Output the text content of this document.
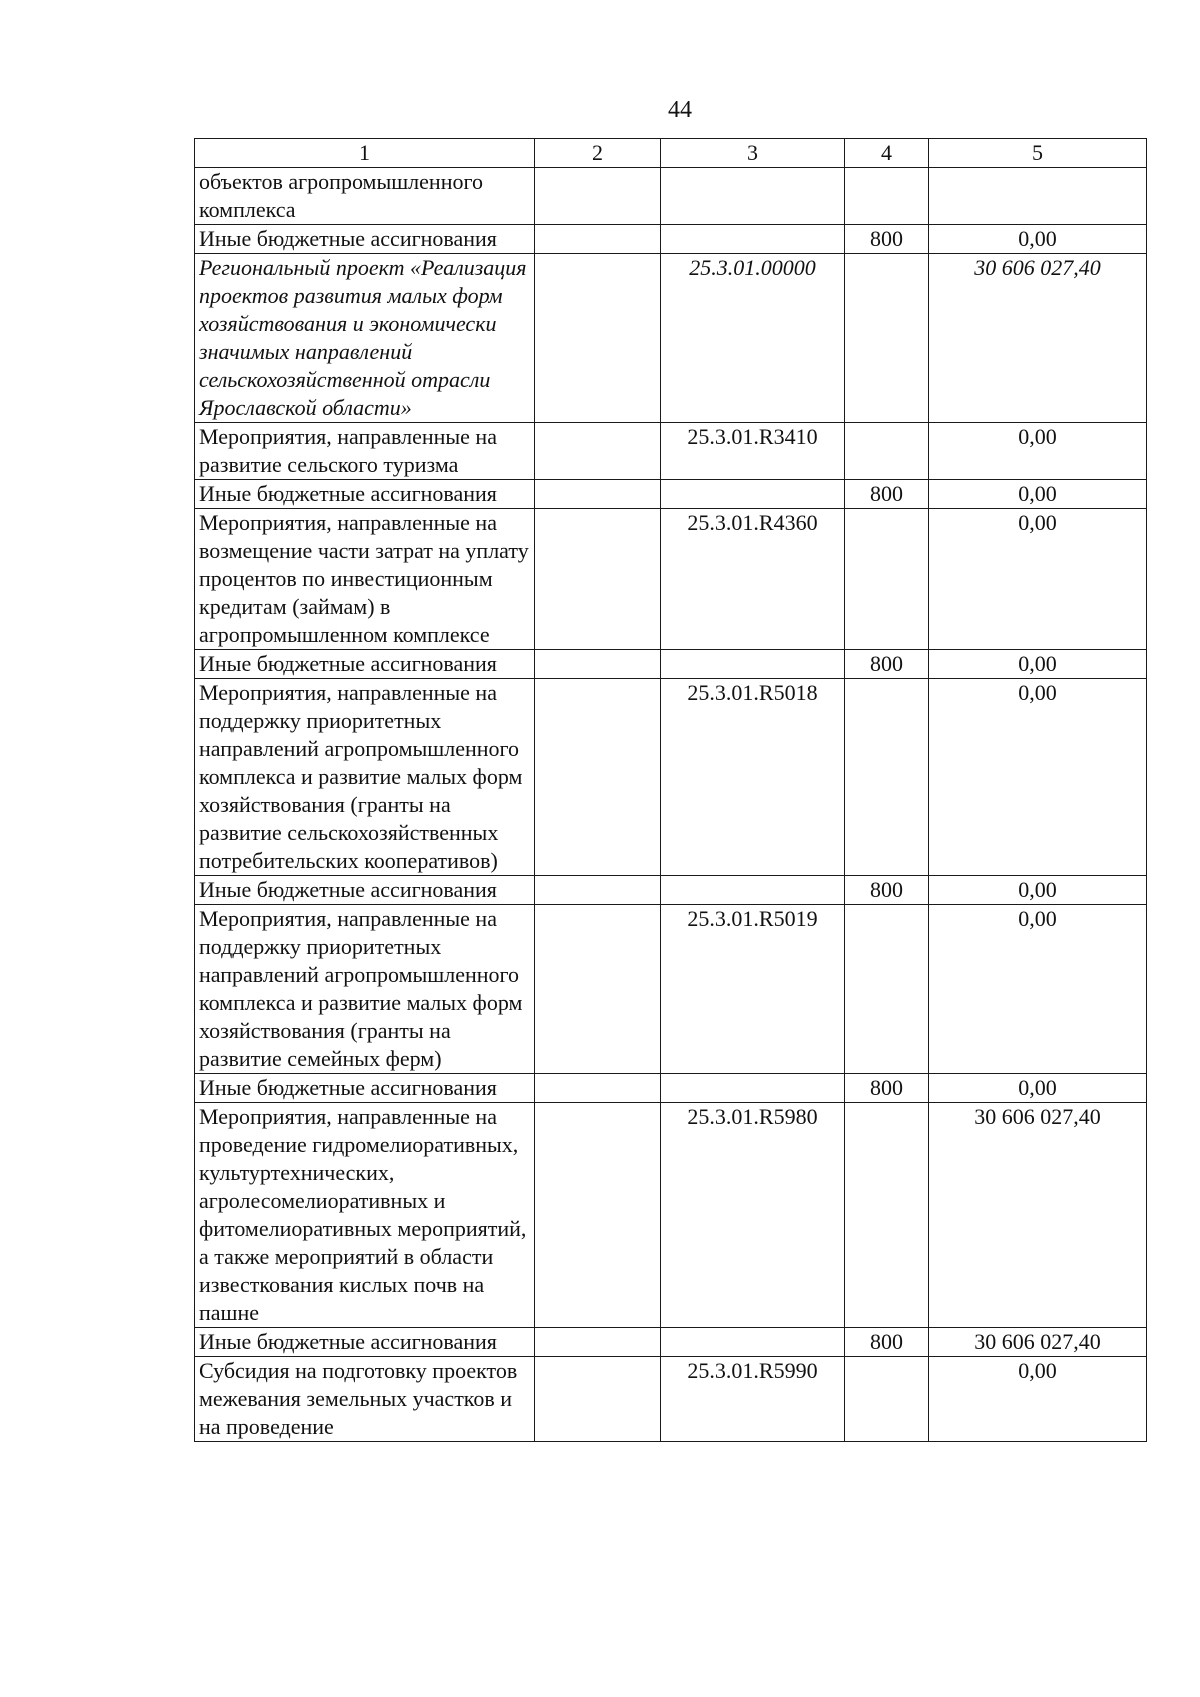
44
1	2	3	4	5
объектов агропромышленного комплекса				
Иные бюджетные ассигнования			800	0,00
Региональный проект «Реализация проектов развития малых форм хозяйствования и экономически значимых направлений сельскохозяйственной отрасли Ярославской области»		25.3.01.00000		30 606 027,40
Мероприятия, направленные на развитие сельского туризма		25.3.01.R3410		0,00
Иные бюджетные ассигнования			800	0,00
Мероприятия, направленные на возмещение части затрат на уплату процентов по инвестиционным кредитам (займам) в агропромышленном комплексе		25.3.01.R4360		0,00
Иные бюджетные ассигнования			800	0,00
Мероприятия, направленные на поддержку приоритетных направлений агропромышленного комплекса и развитие малых форм хозяйствования (гранты на развитие сельскохозяйственных потребительских кооперативов)		25.3.01.R5018		0,00
Иные бюджетные ассигнования			800	0,00
Мероприятия, направленные на поддержку приоритетных направлений агропромышленного комплекса и развитие малых форм хозяйствования (гранты на развитие семейных ферм)		25.3.01.R5019		0,00
Иные бюджетные ассигнования			800	0,00
Мероприятия, направленные на проведение гидромелиоративных, культуртехнических, агролесомелиоративных и фитомелиоративных мероприятий, а также мероприятий в области известкования кислых почв на пашне		25.3.01.R5980		30 606 027,40
Иные бюджетные ассигнования			800	30 606 027,40
Субсидия на подготовку проектов межевания земельных участков и на проведение		25.3.01.R5990		0,00
